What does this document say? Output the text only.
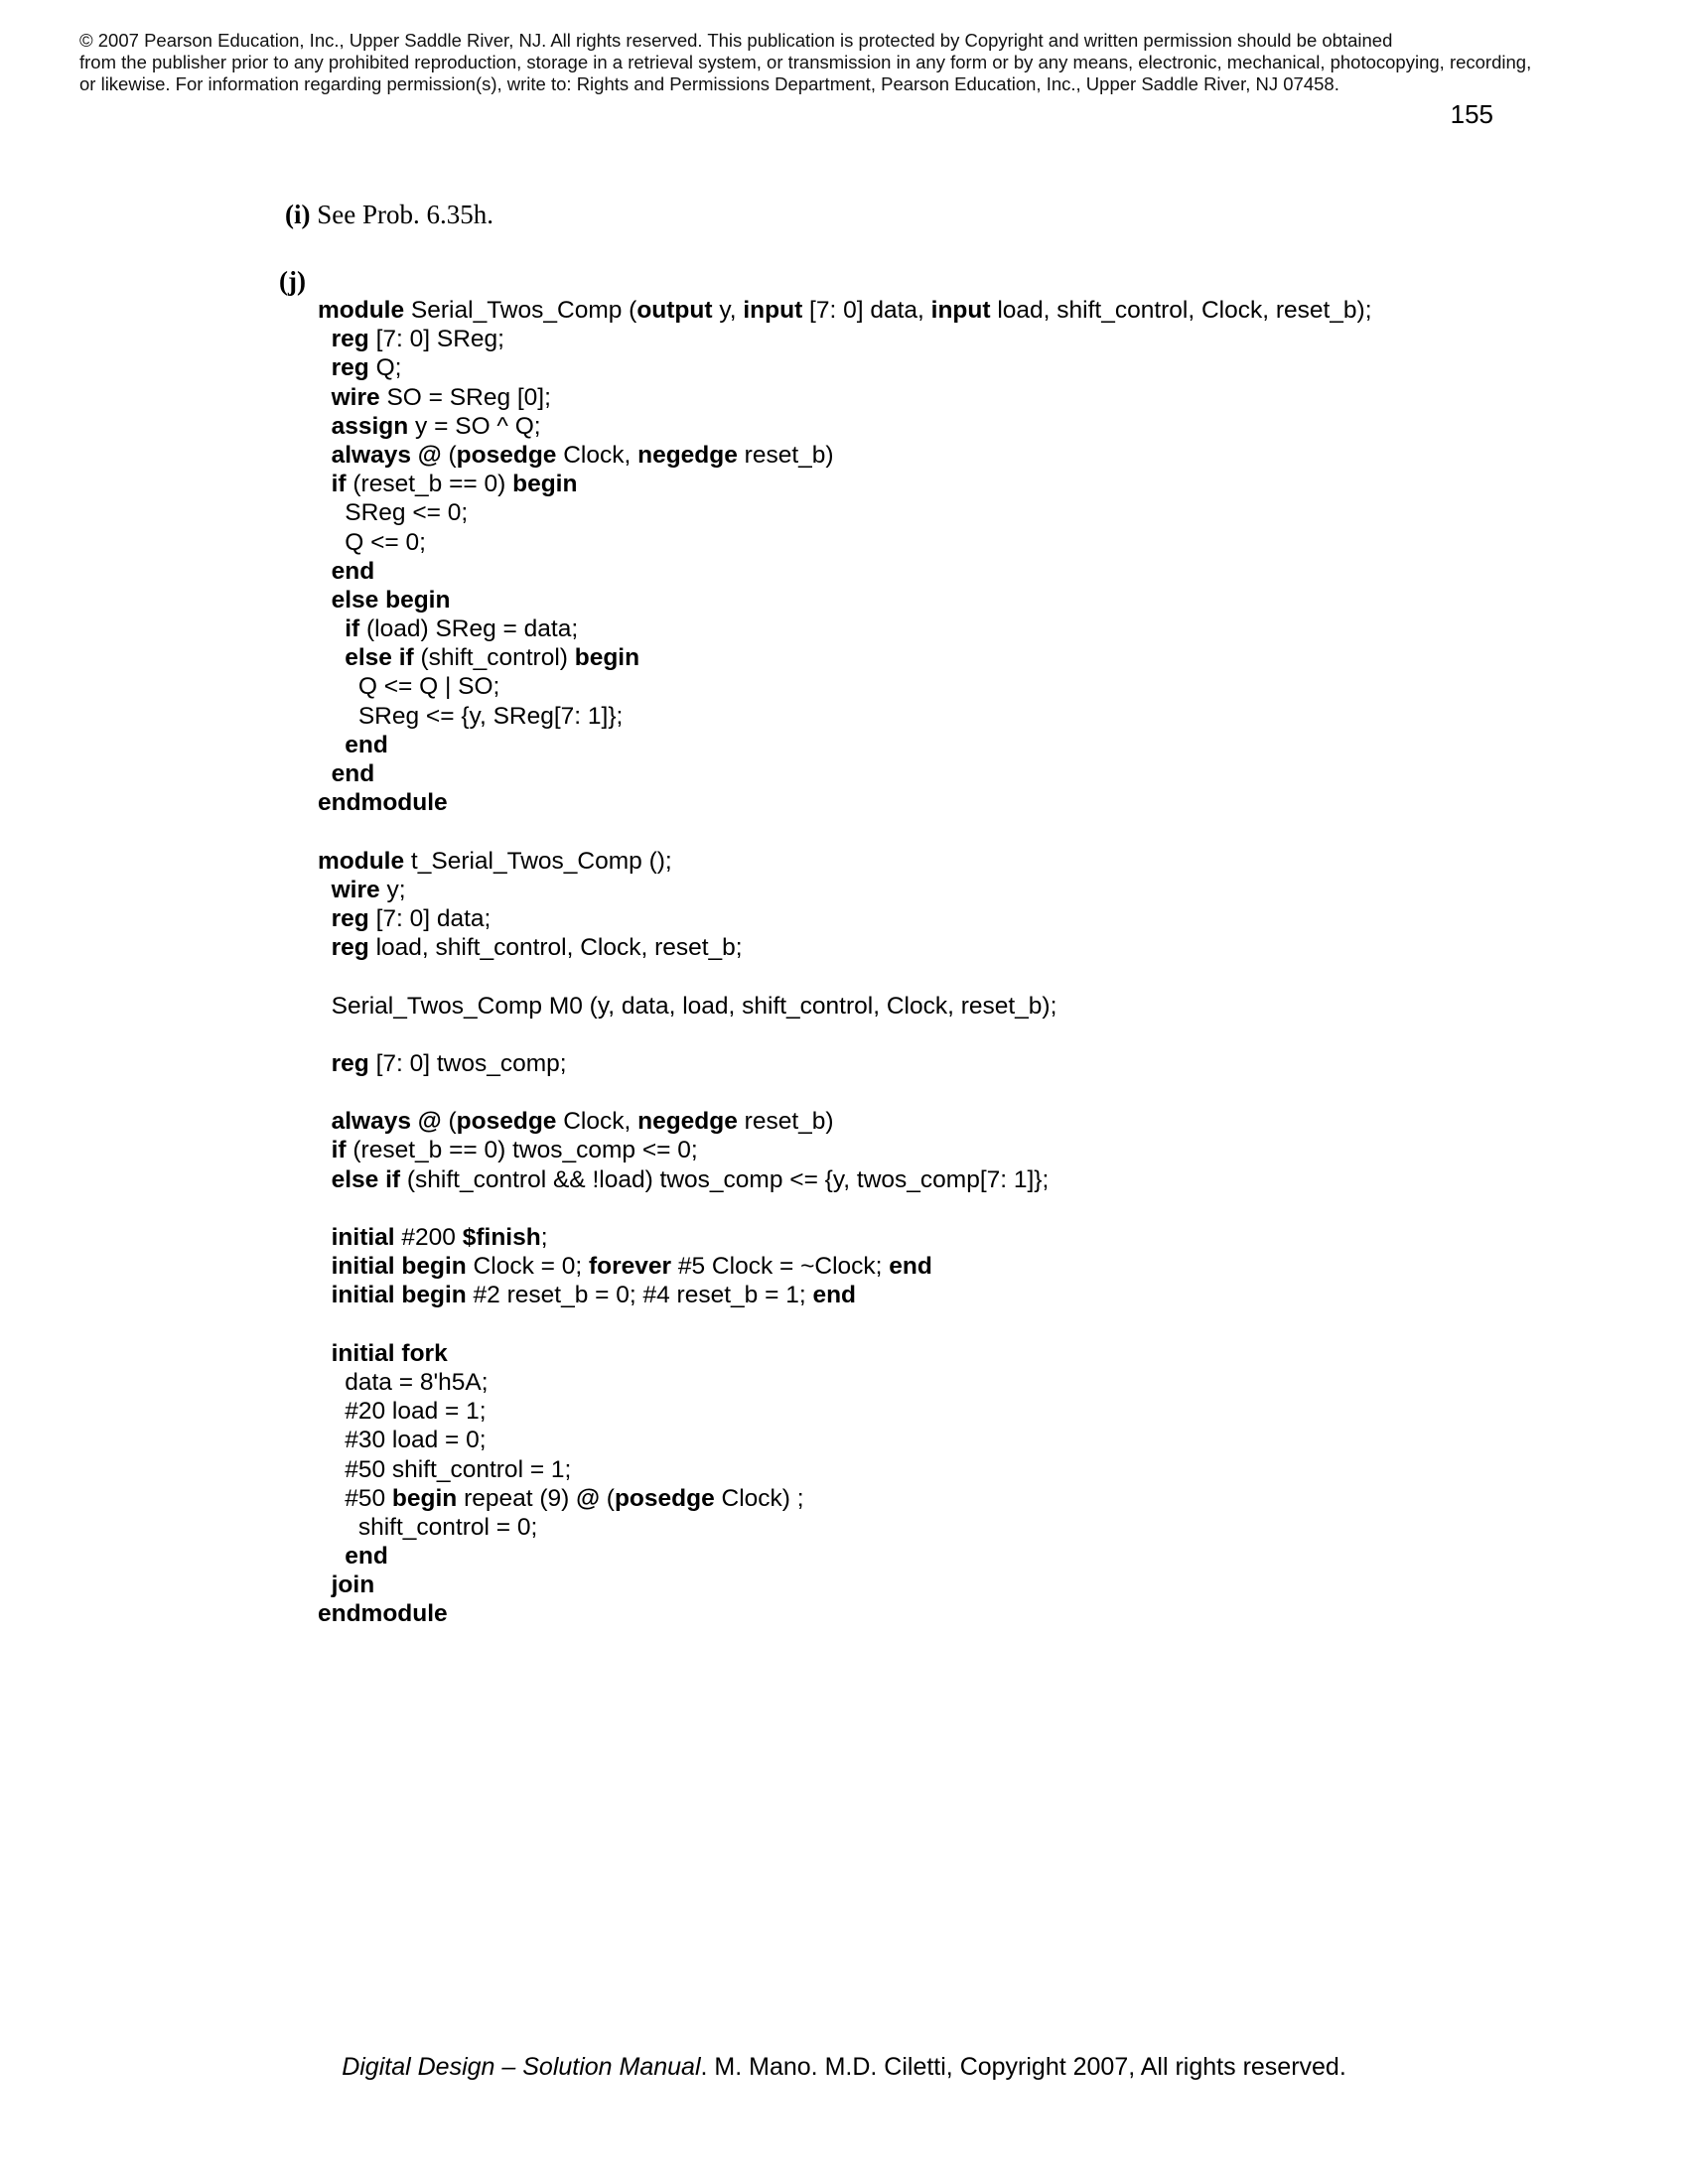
© 2007 Pearson Education, Inc., Upper Saddle River, NJ. All rights reserved. This publication is protected by Copyright and written permission should be obtained
from the publisher prior to any prohibited reproduction, storage in a retrieval system, or transmission in any form or by any means, electronic, mechanical, photocopying, recording,
or likewise. For information regarding permission(s), write to: Rights and Permissions Department, Pearson Education, Inc., Upper Saddle River, NJ 07458.
155
(i) See Prob. 6.35h.
(j)
module Serial_Twos_Comp (output y, input [7: 0] data, input load, shift_control, Clock, reset_b);
reg [7: 0] SReg;
reg Q;
wire SO = SReg [0];
assign y = SO ^ Q;
always @ (posedge Clock, negedge reset_b)
if (reset_b == 0) begin
SReg <= 0;
Q <= 0;
end
else begin
if (load) SReg = data;
else if (shift_control) begin
Q <= Q | SO;
SReg <= {y, SReg[7: 1]};
end
end
endmodule

module t_Serial_Twos_Comp ();
wire y;
reg [7: 0] data;
reg load, shift_control, Clock, reset_b;

Serial_Twos_Comp M0 (y, data, load, shift_control, Clock, reset_b);

reg [7: 0] twos_comp;

always @ (posedge Clock, negedge reset_b)
if (reset_b == 0) twos_comp <= 0;
else if (shift_control && !load) twos_comp <= {y, twos_comp[7: 1]};

initial #200 $finish;
initial begin Clock = 0; forever #5 Clock = ~Clock; end
initial begin #2 reset_b = 0; #4 reset_b = 1; end

initial fork
data = 8'h5A;
#20 load = 1;
#30 load = 0;
#50 shift_control = 1;
#50 begin repeat (9) @ (posedge Clock) ;
shift_control = 0;
end
join
endmodule
Digital Design – Solution Manual. M. Mano. M.D. Ciletti, Copyright 2007, All rights reserved.
